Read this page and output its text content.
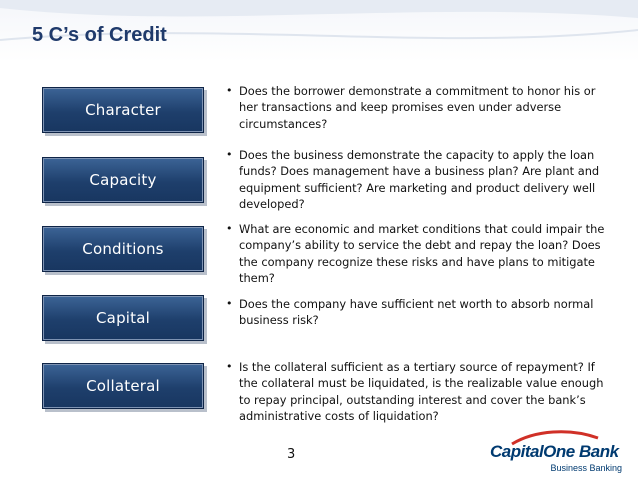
5 C’s of Credit
Character
• Does the borrower demonstrate a commitment to honor his or her transactions and keep promises even under adverse circumstances?
Capacity
• Does the business demonstrate the capacity to apply the loan funds? Does management have a business plan? Are plant and equipment sufficient? Are marketing and product delivery well developed?
Conditions
• What are economic and market conditions that could impair the company’s ability to service the debt and repay the loan? Does the company recognize these risks and have plans to mitigate them?
Capital
• Does the company have sufficient net worth to absorb normal business risk?
Collateral
• Is the collateral sufficient as a tertiary source of repayment? If the collateral must be liquidated, is the realizable value enough to repay principal, outstanding interest and cover the bank’s administrative costs of liquidation?
3	CapitalOne Bank
Business Banking
